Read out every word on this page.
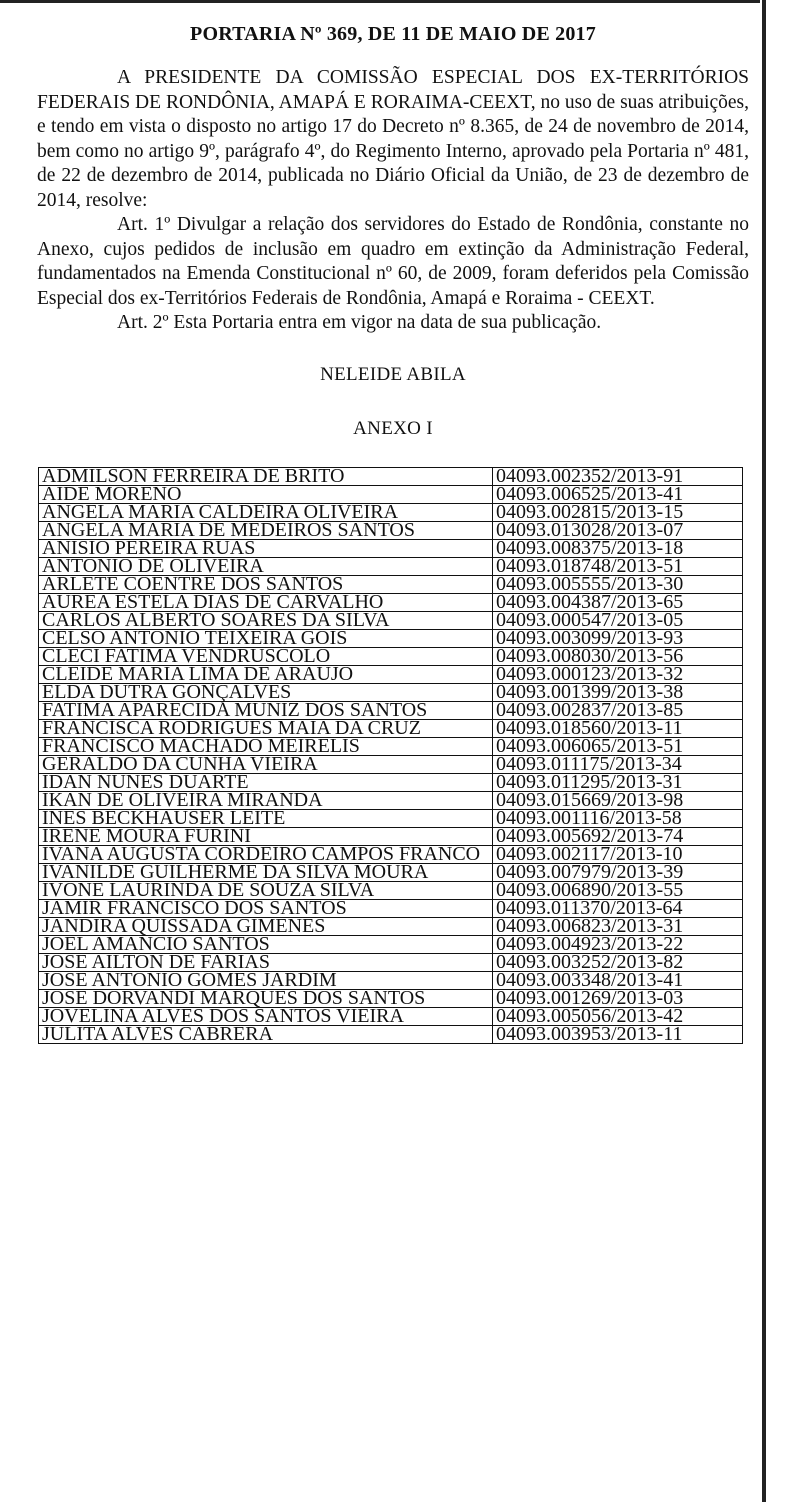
PORTARIA Nº 369, DE 11 DE MAIO DE 2017

A PRESIDENTE DA COMISSÃO ESPECIAL DOS EX-TERRITÓRIOS FEDERAIS DE RONDÔNIA, AMAPÁ E RORAIMA-CEEXT, no uso de suas atribuições, e tendo em vista o disposto no artigo 17 do Decreto nº 8.365, de 24 de novembro de 2014, bem como no artigo 9º, parágrafo 4º, do Regimento Interno, aprovado pela Portaria nº 481, de 22 de dezembro de 2014, publicada no Diário Oficial da União, de 23 de dezembro de 2014, resolve:

Art. 1º Divulgar a relação dos servidores do Estado de Rondônia, constante no Anexo, cujos pedidos de inclusão em quadro em extinção da Administração Federal, fundamentados na Emenda Constitucional nº 60, de 2009, foram deferidos pela Comissão Especial dos ex-Territórios Federais de Rondônia, Amapá e Roraima - CEEXT.

Art. 2º Esta Portaria entra em vigor na data de sua publicação.

NELEIDE ABILA
ANEXO I
ADMILSON FERREIRA DE BRITO	04093.002352/2013-91
AIDE MORENO	04093.006525/2013-41
ANGELA MARIA CALDEIRA OLIVEIRA	04093.002815/2013-15
ANGELA MARIA DE MEDEIROS SANTOS	04093.013028/2013-07
ANISIO PEREIRA RUAS	04093.008375/2013-18
ANTONIO DE OLIVEIRA	04093.018748/2013-51
ARLETE COENTRE DOS SANTOS	04093.005555/2013-30
AUREA ESTELA DIAS DE CARVALHO	04093.004387/2013-65
CARLOS ALBERTO SOARES DA SILVA	04093.000547/2013-05
CELSO ANTONIO TEIXEIRA GOIS	04093.003099/2013-93
CLECI FATIMA VENDRUSCOLO	04093.008030/2013-56
CLEIDE MARIA LIMA DE ARAUJO	04093.000123/2013-32
ELDA DUTRA GONÇALVES	04093.001399/2013-38
FATIMA APARECIDA MUNIZ DOS SANTOS	04093.002837/2013-85
FRANCISCA RODRIGUES MAIA DA CRUZ	04093.018560/2013-11
FRANCISCO MACHADO MEIRELIS	04093.006065/2013-51
GERALDO DA CUNHA VIEIRA	04093.011175/2013-34
IDAN NUNES DUARTE	04093.011295/2013-31
IKAN DE OLIVEIRA MIRANDA	04093.015669/2013-98
INES BECKHAUSER LEITE	04093.001116/2013-58
IRENE MOURA FURINI	04093.005692/2013-74
IVANA AUGUSTA CORDEIRO CAMPOS FRANCO	04093.002117/2013-10
IVANILDE GUILHERME DA SILVA MOURA	04093.007979/2013-39
IVONE LAURINDA DE SOUZA SILVA	04093.006890/2013-55
JAMIR FRANCISCO DOS SANTOS	04093.011370/2013-64
JANDIRA QUISSADA GIMENES	04093.006823/2013-31
JOEL AMANCIO SANTOS	04093.004923/2013-22
JOSE AILTON DE FARIAS	04093.003252/2013-82
JOSE ANTONIO GOMES JARDIM	04093.003348/2013-41
JOSE DORVANDI MARQUES DOS SANTOS	04093.001269/2013-03
JOVELINA ALVES DOS SANTOS VIEIRA	04093.005056/2013-42
JULITA ALVES CABRERA	04093.003953/2013-11
